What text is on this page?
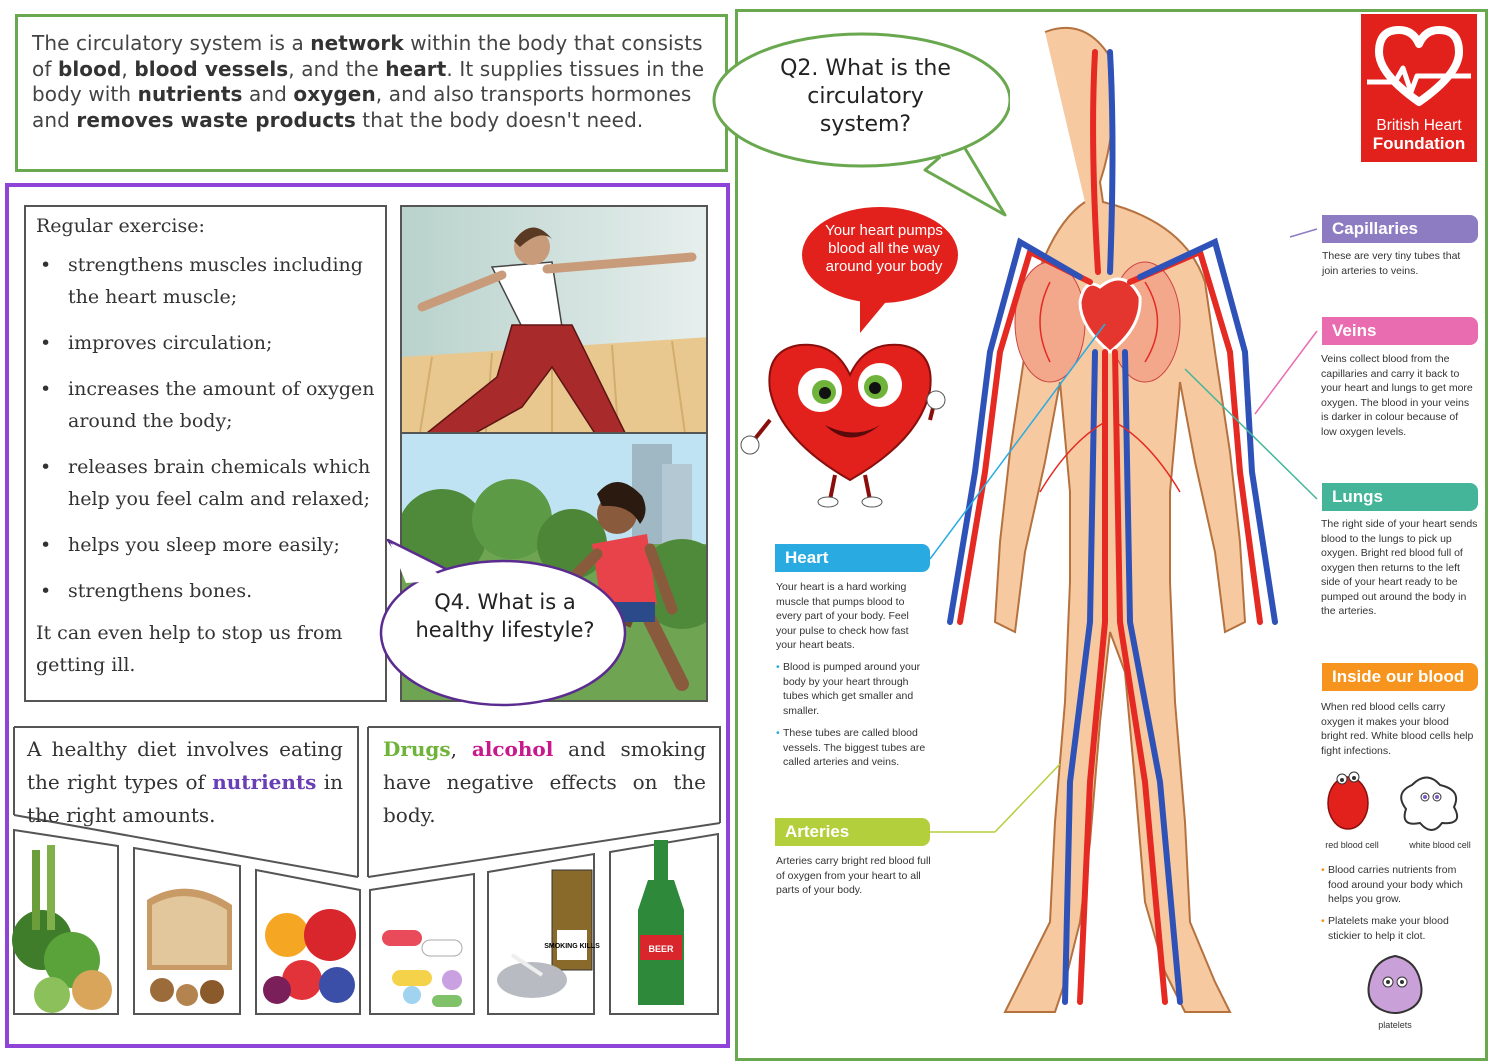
The circulatory system is a network within the body that consists of blood, blood vessels, and the heart. It supplies tissues in the body with nutrients and oxygen, and also transports hormones and removes waste products that the body doesn't need.

Regular exercise:
• strengthens muscles including the heart muscle;
• improves circulation;
• increases the amount of oxygen around the body;
• releases brain chemicals which help you feel calm and relaxed;
• helps you sleep more easily;
• strengthens bones.
It can even help to stop us from getting ill.
Q4. What is a healthy lifestyle?

A healthy diet involves eating the right types of nutrients in the right amounts.

Drugs, alcohol and smoking have negative effects on the body.

SMOKING KILLS	BEER
Q2. What is the circulatory system?	British Heart
Foundation
Your heart pumps blood all the way around your body
Capillaries
These are very tiny tubes that join arteries to veins.
Veins
Veins collect blood from the capillaries and carry it back to your heart and lungs to get more oxygen. The blood in your veins is darker in colour because of low oxygen levels.
Lungs
The right side of your heart sends blood to the lungs to pick up oxygen. Bright red blood full of oxygen then returns to the left side of your heart ready to be pumped out around the body in the arteries.
Heart
Your heart is a hard working muscle that pumps blood to every part of your body. Feel your pulse to check how fast your heart beats.
• Blood is pumped around your body by your heart through tubes which get smaller and smaller.
• These tubes are called blood vessels. The biggest tubes are called arteries and veins.
Arteries
Arteries carry bright red blood full of oxygen from your heart to all parts of your body.
Inside our blood
When red blood cells carry oxygen it makes your blood bright red. White blood cells help fight infections.
red blood cell	white blood cell
• Blood carries nutrients from food around your body which helps you grow.
• Platelets make your blood stickier to help it clot.
platelets
